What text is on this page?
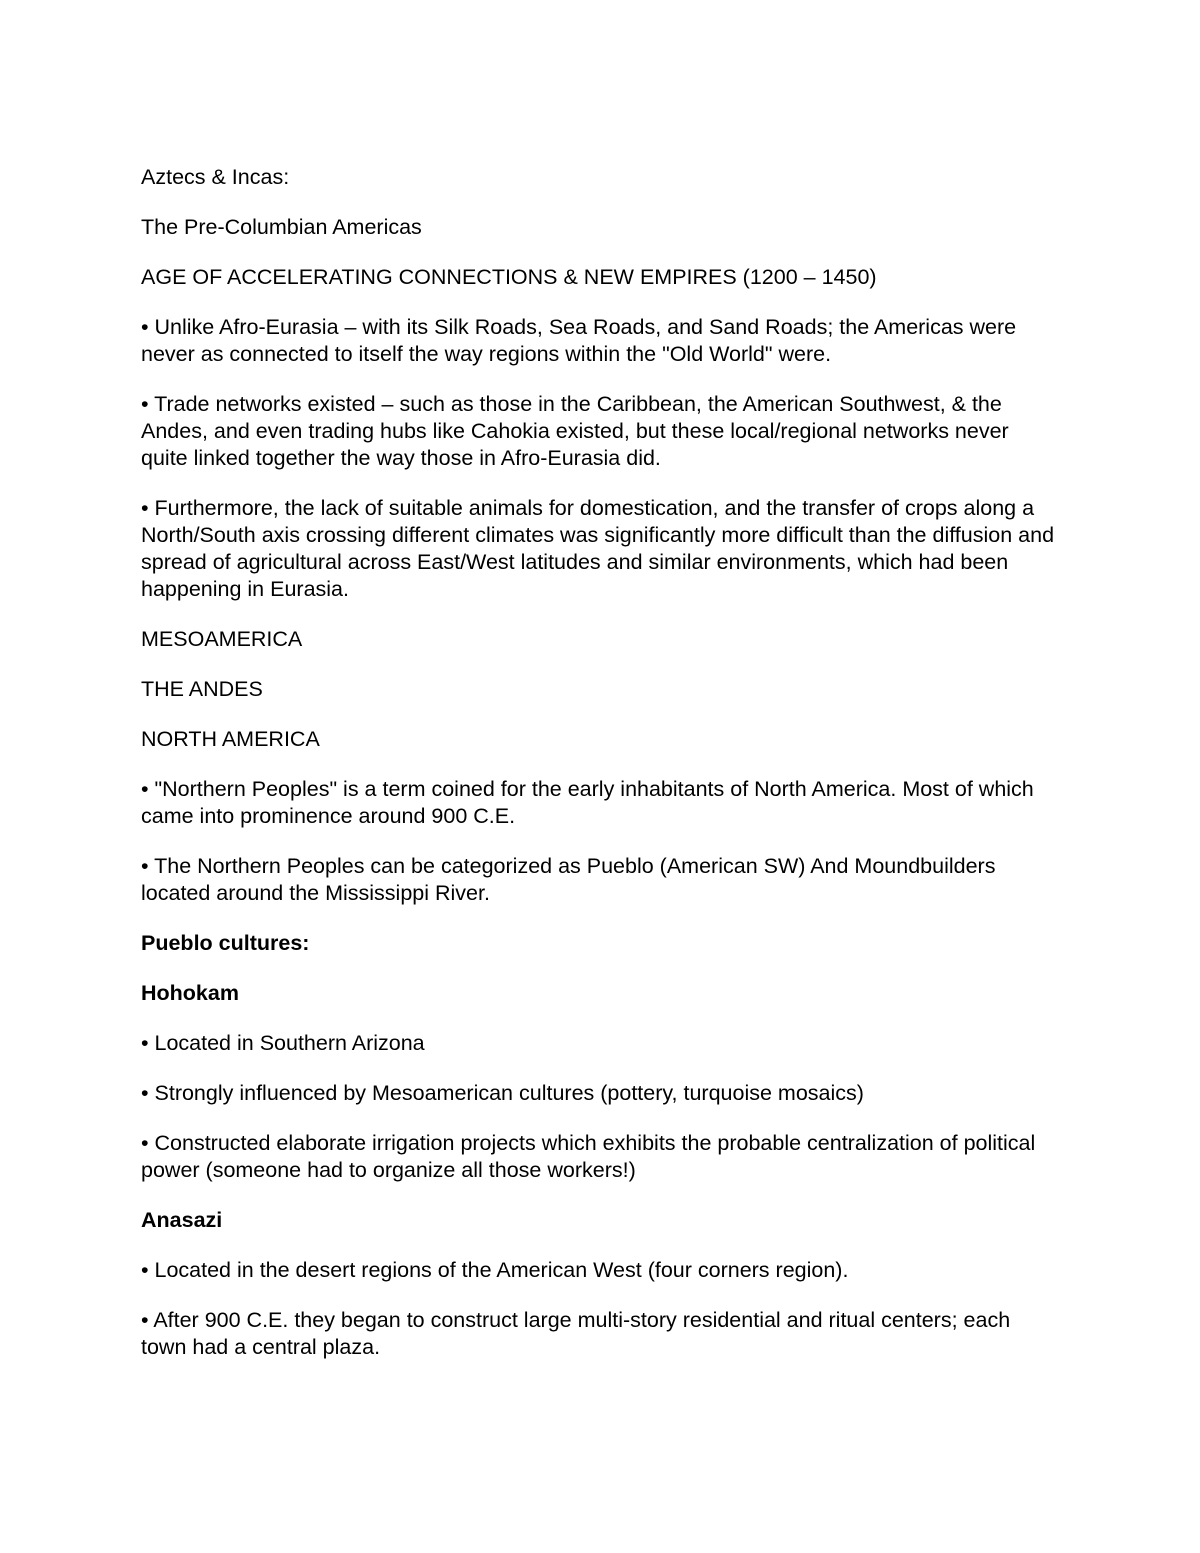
Aztecs & Incas:

The Pre-Columbian Americas

AGE OF ACCELERATING CONNECTIONS & NEW EMPIRES (1200 – 1450)

• Unlike Afro-Eurasia – with its Silk Roads, Sea Roads, and Sand Roads; the Americas were never as connected to itself the way regions within the "Old World" were.

• Trade networks existed – such as those in the Caribbean, the American Southwest, & the Andes, and even trading hubs like Cahokia existed, but these local/regional networks never quite linked together the way those in Afro-Eurasia did.

• Furthermore, the lack of suitable animals for domestication, and the transfer of crops along a North/South axis crossing different climates was significantly more difficult than the diffusion and spread of agricultural across East/West latitudes and similar environments, which had been happening in Eurasia.

MESOAMERICA

THE ANDES

NORTH AMERICA

• "Northern Peoples" is a term coined for the early inhabitants of North America. Most of which came into prominence around 900 C.E.

• The Northern Peoples can be categorized as Pueblo (American SW) And Moundbuilders located around the Mississippi River.

Pueblo cultures:

Hohokam

• Located in Southern Arizona

• Strongly influenced by Mesoamerican cultures (pottery, turquoise mosaics)

• Constructed elaborate irrigation projects which exhibits the probable centralization of political power (someone had to organize all those workers!)

Anasazi

• Located in the desert regions of the American West (four corners region).

• After 900 C.E. they began to construct large multi-story residential and ritual centers; each town had a central plaza.
